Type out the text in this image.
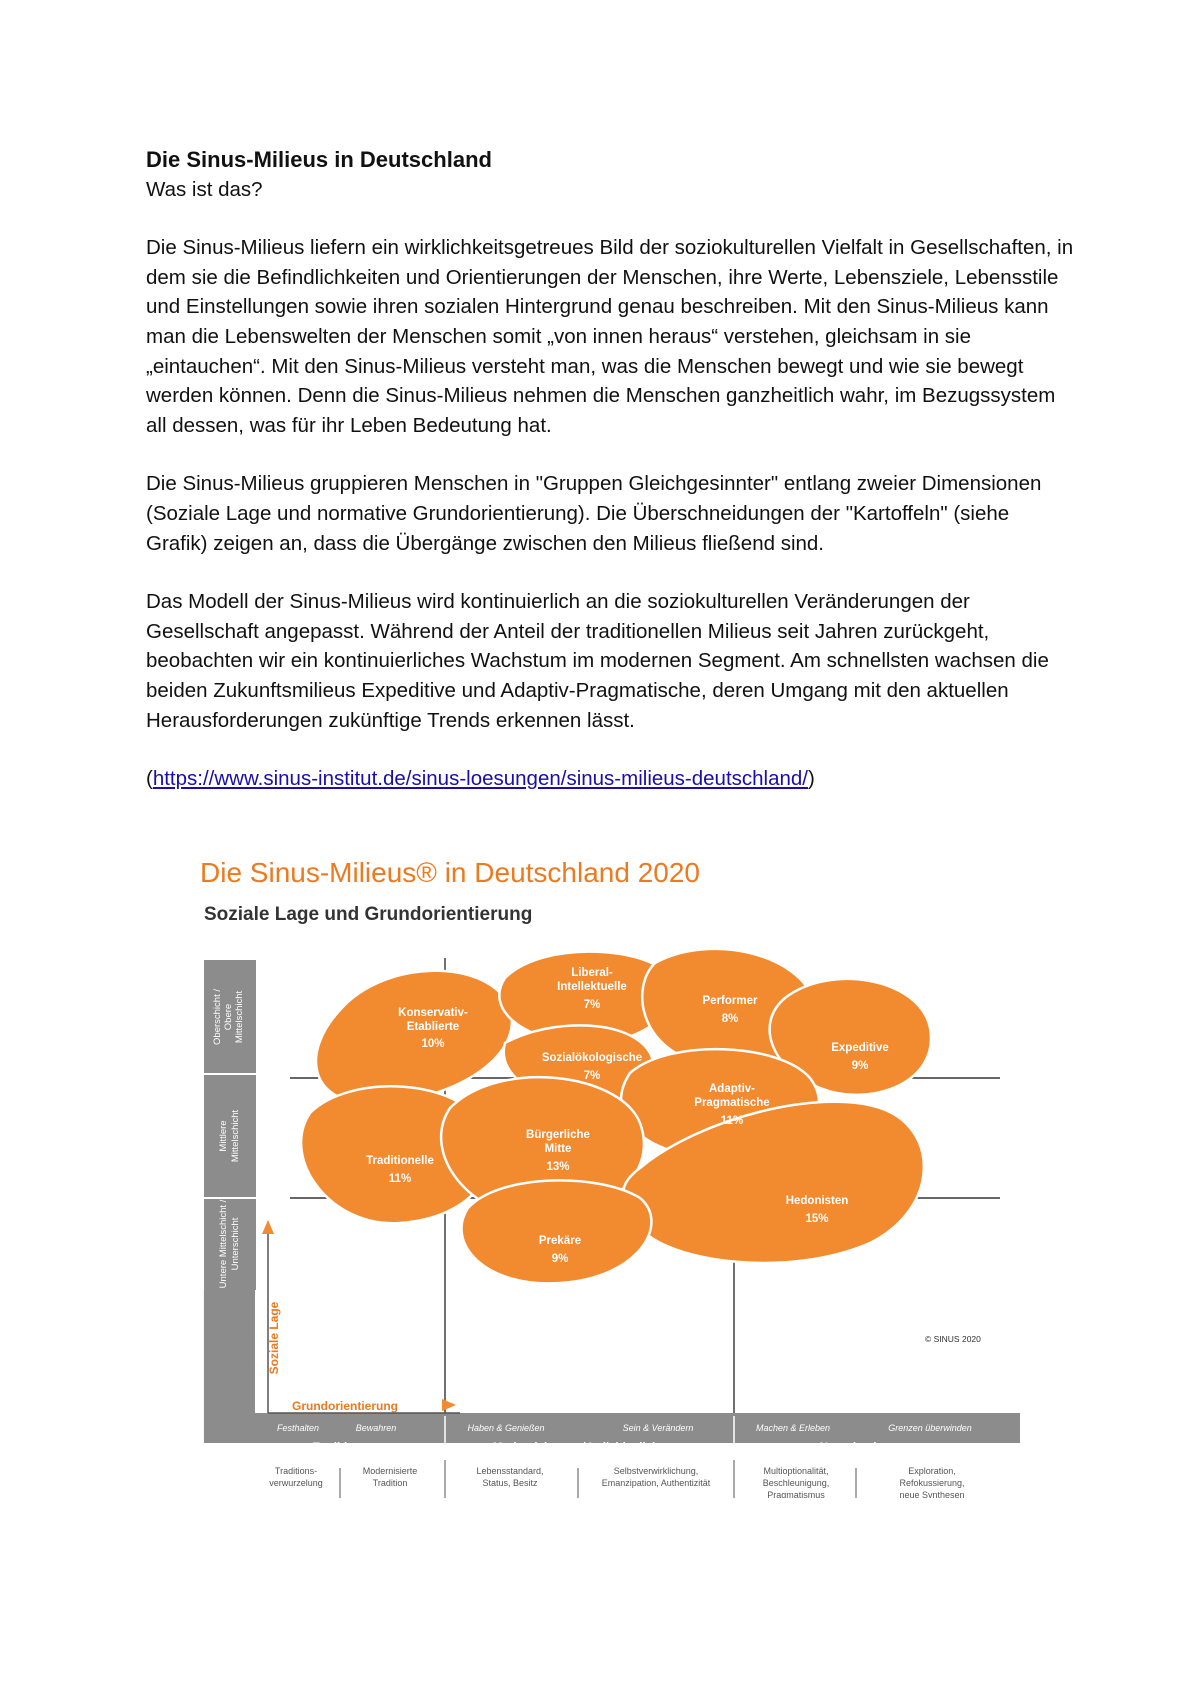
Die Sinus-Milieus in Deutschland
Was ist das?

Die Sinus-Milieus liefern ein wirklichkeitsgetreues Bild der soziokulturellen Vielfalt in Gesellschaften, in dem sie die Befindlichkeiten und Orientierungen der Menschen, ihre Werte, Lebensziele, Lebensstile und Einstellungen sowie ihren sozialen Hintergrund genau beschreiben. Mit den Sinus-Milieus kann man die Lebenswelten der Menschen somit „von innen heraus“ verstehen, gleichsam in sie „eintauchen“. Mit den Sinus-Milieus versteht man, was die Menschen bewegt und wie sie bewegt werden können. Denn die Sinus-Milieus nehmen die Menschen ganzheitlich wahr, im Bezugssystem all dessen, was für ihr Leben Bedeutung hat.

Die Sinus-Milieus gruppieren Menschen in "Gruppen Gleichgesinnter" entlang zweier Dimensionen (Soziale Lage und normative Grundorientierung). Die Überschneidungen der "Kartoffeln" (siehe Grafik) zeigen an, dass die Übergänge zwischen den Milieus fließend sind.

Das Modell der Sinus-Milieus wird kontinuierlich an die soziokulturellen Veränderungen der Gesellschaft angepasst. Während der Anteil der traditionellen Milieus seit Jahren zurückgeht, beobachten wir ein kontinuierliches Wachstum im modernen Segment. Am schnellsten wachsen die beiden Zukunftsmilieus Expeditive und Adaptiv-Pragmatische, deren Umgang mit den aktuellen Herausforderungen zukünftige Trends erkennen lässt.

(https://www.sinus-institut.de/sinus-loesungen/sinus-milieus-deutschland/)

Die Sinus-Milieus® in Deutschland 2020
Soziale Lage und Grundorientierung
Oberschicht / Obere Mittelschicht
Mittlere Mittelschicht
Untere Mittelschicht / Unterschicht
Soziale Lage
Grundorientierung
Konservativ-
Etablierte
10%
Liberal-
Intellektuelle
7%	Performer
8%
Expeditive
9%
Sozialökologische
7%
Adaptiv-
Pragmatische
11%
Traditionelle
11%
Bürgerliche
Mitte
13%
Hedonisten
15%
Prekäre
9%
© SINUS 2020
Festhalten	Bewahren	Haben & Genießen	Sein & Verändern	Machen & Erleben	Grenzen überwinden
Tradition	Modernisierung / Individualisierung	Neuorientierung
Traditions-
verwurzelung
Modernisierte
Tradition
Lebensstandard,
Status, Besitz
Selbstverwirklichung,
Emanzipation, Authentizität
Multioptionalität,
Beschleunigung,
Pragmatismus
Exploration,
Refokussierung,
neue Synthesen
